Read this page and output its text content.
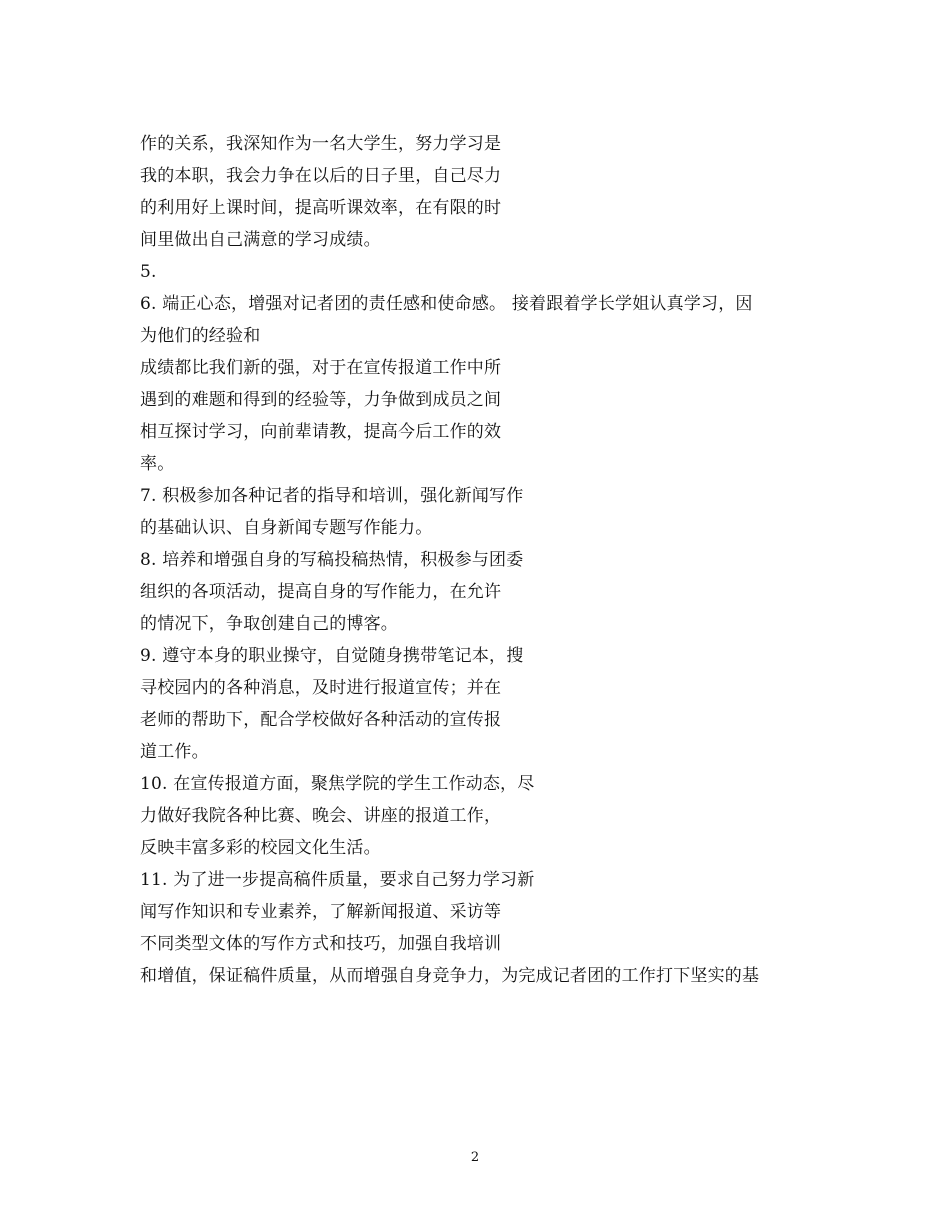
作的关系，我深知作为一名大学生，努力学习是
我的本职，我会力争在以后的日子里，自己尽力
的利用好上课时间，提高听课效率，在有限的时
间里做出自己满意的学习成绩。
5.
6. 端正心态，增强对记者团的责任感和使命感。 接着跟着学长学姐认真学习，因
为他们的经验和
成绩都比我们新的强，对于在宣传报道工作中所
遇到的难题和得到的经验等，力争做到成员之间
相互探讨学习，向前辈请教，提高今后工作的效
率。
7. 积极参加各种记者的指导和培训，强化新闻写作
的基础认识、自身新闻专题写作能力。
8. 培养和增强自身的写稿投稿热情，积极参与团委
组织的各项活动，提高自身的写作能力，在允许
的情况下，争取创建自己的博客。
9. 遵守本身的职业操守，自觉随身携带笔记本，搜
寻校园内的各种消息，及时进行报道宣传；并在
老师的帮助下，配合学校做好各种活动的宣传报
道工作。
10. 在宣传报道方面，聚焦学院的学生工作动态，尽
力做好我院各种比赛、晚会、讲座的报道工作，
反映丰富多彩的校园文化生活。
11. 为了进一步提高稿件质量，要求自己努力学习新
闻写作知识和专业素养，了解新闻报道、采访等
不同类型文体的写作方式和技巧，加强自我培训
和增值，保证稿件质量，从而增强自身竞争力，为完成记者团的工作打下坚实的基
2
